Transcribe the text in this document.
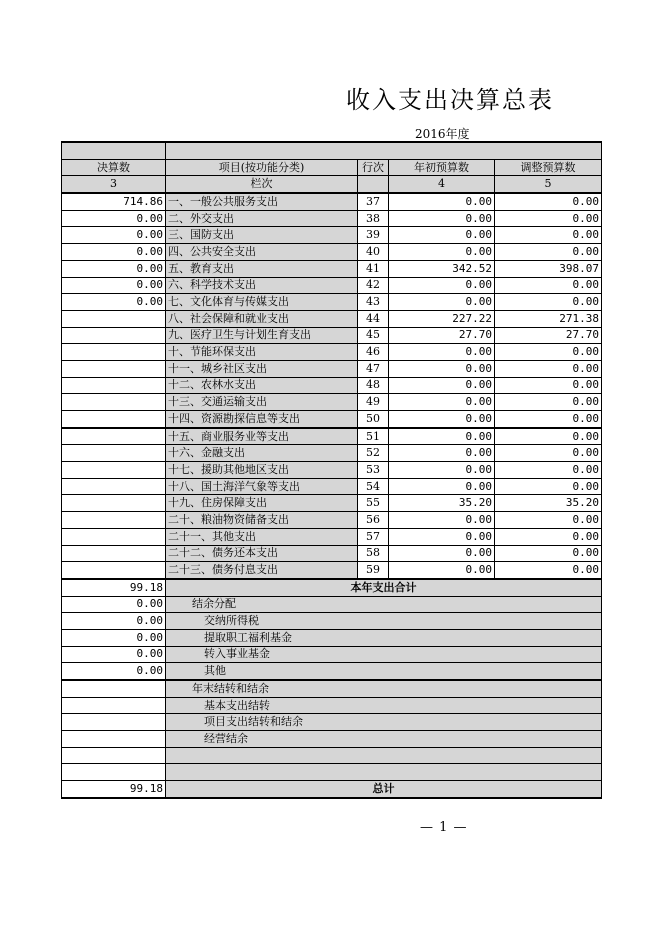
收入支出决算总表
2016年度

决算数	项目(按功能分类)	行次	年初预算数	调整预算数
3	栏次		4	5
714.86	一、一般公共服务支出	37	0.00	0.00
0.00	二、外交支出	38	0.00	0.00
0.00	三、国防支出	39	0.00	0.00
0.00	四、公共安全支出	40	0.00	0.00
0.00	五、教育支出	41	342.52	398.07
0.00	六、科学技术支出	42	0.00	0.00
0.00	七、文化体育与传媒支出	43	0.00	0.00
	八、社会保障和就业支出	44	227.22	271.38
	九、医疗卫生与计划生育支出	45	27.70	27.70
	十、节能环保支出	46	0.00	0.00
	十一、城乡社区支出	47	0.00	0.00
	十二、农林水支出	48	0.00	0.00
	十三、交通运输支出	49	0.00	0.00
	十四、资源勘探信息等支出	50	0.00	0.00
	十五、商业服务业等支出	51	0.00	0.00
	十六、金融支出	52	0.00	0.00
	十七、援助其他地区支出	53	0.00	0.00
	十八、国土海洋气象等支出	54	0.00	0.00
	十九、住房保障支出	55	35.20	35.20
	二十、粮油物资储备支出	56	0.00	0.00
	二十一、其他支出	57	0.00	0.00
	二十二、债务还本支出	58	0.00	0.00
	二十三、债务付息支出	59	0.00	0.00
99.18	本年支出合计			
0.00	结余分配			
0.00	交纳所得税			
0.00	提取职工福利基金			
0.00	转入事业基金			
0.00	其他			
	年末结转和结余			
	基本支出结转			
	项目支出结转和结余			
	经营结余			

99.18	总计			
— 1 —
